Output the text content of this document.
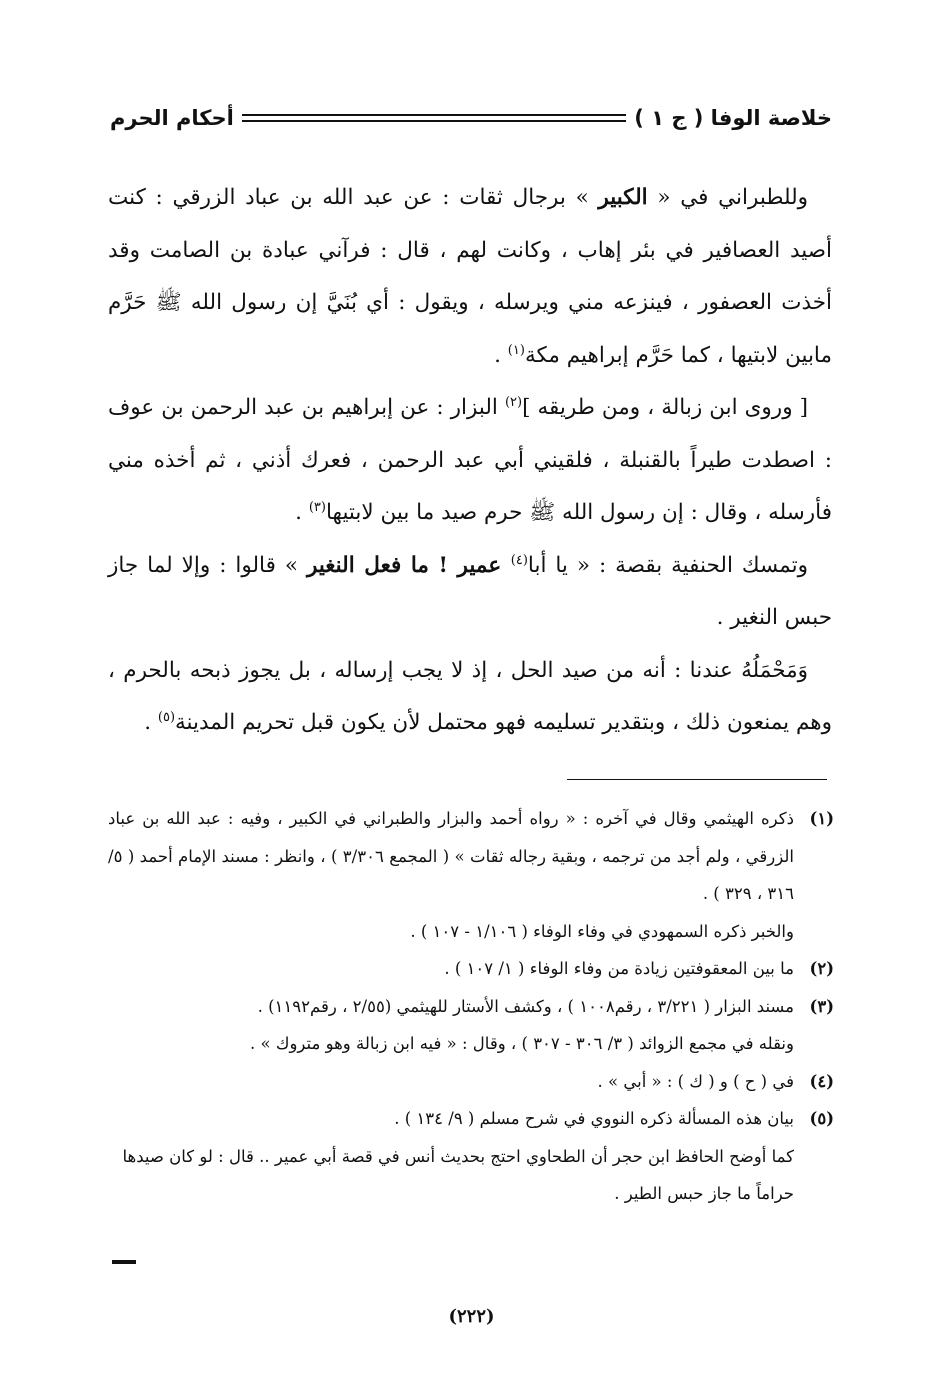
خلاصة الوفا ( ج ١ )
أحكام الحرم

وللطبراني في « الكبير » برجال ثقات : عن عبد الله بن عباد الزرقي : كنت أصيد العصافير في بئر إهاب ، وكانت لهم ، قال : فرآني عبادة بن الصامت وقد أخذت العصفور ، فينزعه مني ويرسله ، ويقول : أي بُنَيَّ إن رسول الله ﷺ حَرَّم مابين لابتيها ، كما حَرَّم إبراهيم مكة$^{(١)}$ .

[ وروى ابن زبالة ، ومن طريقه ]$^{(٢)}$ البزار : عن إبراهيم بن عبد الرحمن بن عوف : اصطدت طيراً بالقنبلة ، فلقيني أبي عبد الرحمن ، فعرك أذني ، ثم أخذه مني فأرسله ، وقال : إن رسول الله ﷺ حرم صيد ما بين لابتيها$^{(٣)}$ .

وتمسك الحنفية بقصة : « يا أبا$^{(٤)}$ عمير ! ما فعل النغير » قالوا : وإلا لما جاز حبس النغير .

وَمَحْمَلُهُ عندنا : أنه من صيد الحل ، إذ لا يجب إرساله ، بل يجوز ذبحه بالحرم ، وهم يمنعون ذلك ، وبتقدير تسليمه فهو محتمل لأن يكون قبل تحريم المدينة$^{(٥)}$ .

(١)
ذكره الهيثمي وقال في آخره : « رواه أحمد والبزار والطبراني في الكبير ، وفيه : عبد الله بن عباد الزرقي ، ولم أجد من ترجمه ، وبقية رجاله ثقات » ( المجمع ٣/٣٠٦ ) ، وانظر : مسند الإمام أحمد ( ٥/ ٣١٦ ، ٣٢٩ ) .
والخبر ذكره السمهودي في وفاء الوفاء ( ١/١٠٦ - ١٠٧ ) .
(٢)
ما بين المعقوفتين زيادة من وفاء الوفاء ( ١/ ١٠٧ ) .
(٣)
مسند البزار ( ٣/٢٢١ ، رقم١٠٠٨ ) ، وكشف الأستار للهيثمي (٢/٥٥ ، رقم١١٩٢) .
ونقله في مجمع الزوائد ( ٣/ ٣٠٦ - ٣٠٧ ) ، وقال : « فيه ابن زبالة وهو متروك » .
(٤)
في ( ح ) و ( ك ) : « أبي » .
(٥)
بيان هذه المسألة ذكره النووي في شرح مسلم ( ٩/ ١٣٤ ) .
كما أوضح الحافظ ابن حجر أن الطحاوي احتج بحديث أنس في قصة أبي عمير .. قال : لو كان صيدها حراماً ما جاز حبس الطير .
(٢٢٢)
